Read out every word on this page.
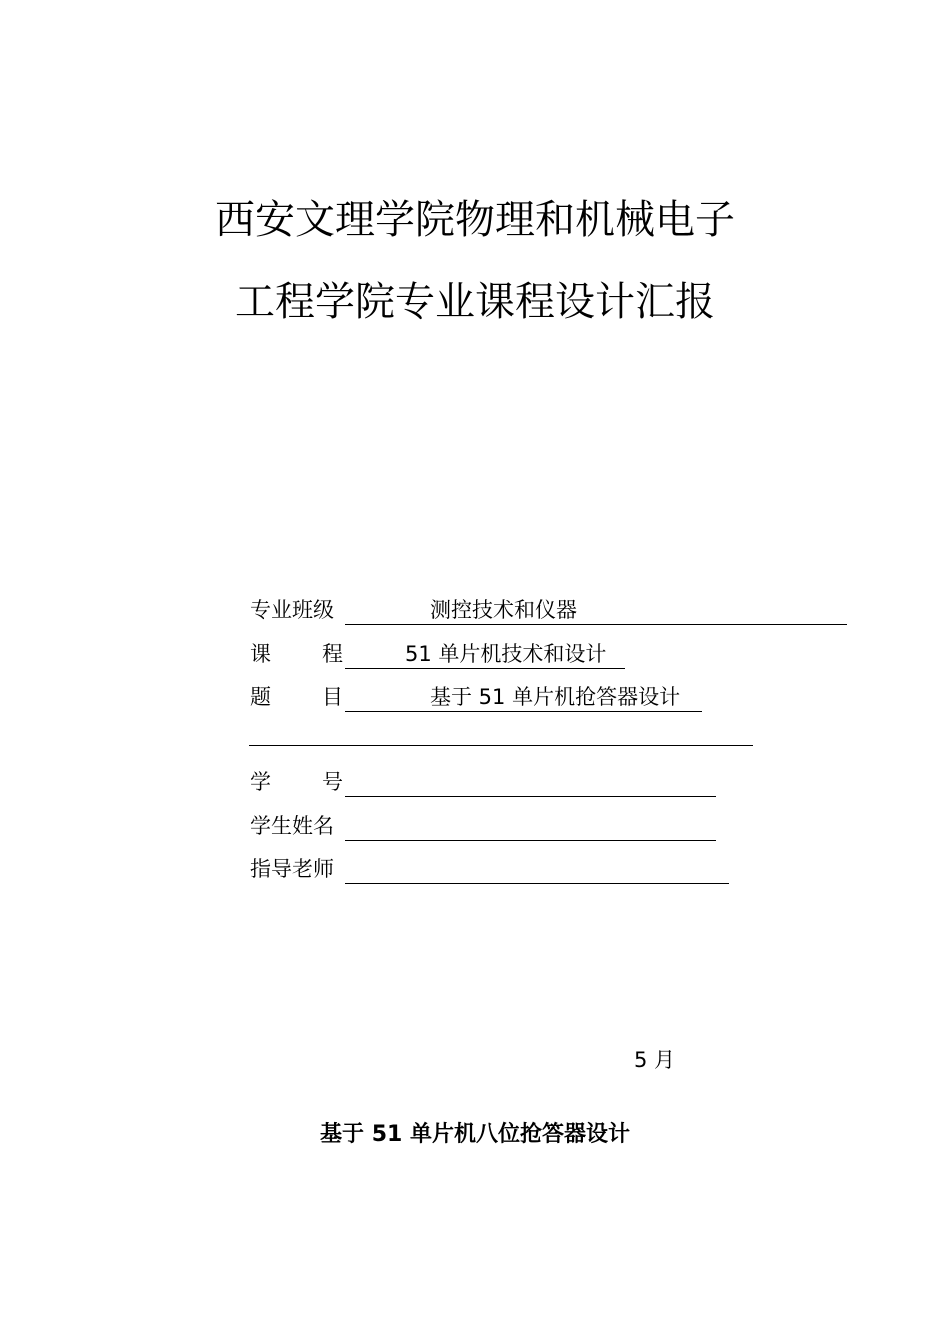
西安文理学院物理和机械电子
工程学院专业课程设计汇报
专业班级	测控技术和仪器
课 程	51 单片机技术和设计
题 目	基于 51 单片机抢答器设计
学 号
学生姓名
指导老师
5 月
基于 51 单片机八位抢答器设计
